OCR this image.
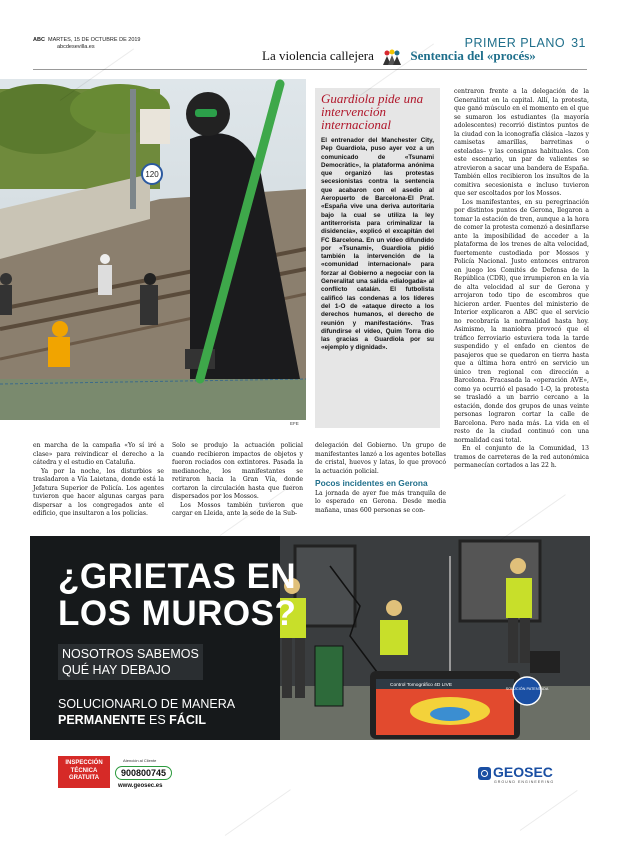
ABC MARTES, 15 DE OCTUBRE DE 2019
abcdesevilla.es	PRIMER PLANO 31
La violencia callejera	Sentencia del «procés»
120
EFE
Guardiola pide una intervención internacional
El entrenador del Manchester City, Pep Guardiola, puso ayer voz a un comunicado de «Tsunami Democràtic», la plataforma anónima que organizó las protestas secesionistas contra la sentencia que acabaron con el asedio al Aeropuerto de Barcelona-El Prat. «España vive una deriva autoritaria bajo la cual se utiliza la ley antiterrorista para criminalizar la disidencia», explicó el excapitán del FC Barcelona. En un vídeo difundido por «Tsunami», Guardiola pidió también la intervención de la «comunidad internacional» para forzar al Gobierno a negociar con la Generalitat una salida «dialogada» al conflicto catalán. El futbolista calificó las condenas a los líderes del 1-O de «ataque directo a los derechos humanos, el derecho de reunión y manifestación». Tras difundirse el vídeo, Quim Torra dio las gracias a Guardiola por su «ejemplo y dignidad».

en marcha de la campaña «Yo sí iré a clase» para reivindicar el derecho a la cátedra y el estudio en Cataluña.

Ya por la noche, los disturbios se trasladaron a Vía Laietana, donde está la Jefatura Superior de Policía. Los agentes tuvieron que hacer algunas cargas para dispersar a los congregados ante el edificio, que insultaron a los policías.

Solo se produjo la actuación policial cuando recibieron impactos de objetos y fueron rociados con extintores. Pasada la medianoche, los manifestantes se retiraron hacia la Gran Vía, donde cortaron la circulación hasta que fueron dispersados por los Mossos.

Los Mossos también tuvieron que cargar en Lleida, ante la sede de la Sub-

delegación del Gobierno. Un grupo de manifestantes lanzó a los agentes botellas de cristal, huevos y latas, lo que provocó la actuación policial.

Pocos incidentes en Gerona

La jornada de ayer fue más tranquila de lo esperado en Gerona. Desde media mañana, unas 600 personas se con-

centraron frente a la delegación de la Generalitat en la capital. Allí, la protesta, que ganó músculo en el momento en el que se sumaron los estudiantes (la mayoría adolescentes) recorrió distintos puntos de la ciudad con la iconografía clásica –lazos y camisetas amarillas, barretinas o esteladas– y las consignas habituales. Con este escenario, un par de valientes se atrevieron a sacar una bandera de España. También ellos recibieron los insultos de la comitiva secesionista e incluso tuvieron que ser escoltados por los Mossos.

Los manifestantes, en su peregrinación por distintos puntos de Gerona, llegaron a tomar la estación de tren, aunque a la hora de comer la protesta comenzó a desinflarse ante la imposibilidad de acceder a la plataforma de los trenes de alta velocidad, fuertemente custodiada por Mossos y Policía Nacional. Justo entonces entraron en juego los Comités de Defensa de la República (CDR), que irrumpieron en la vía de alta velocidad al sur de Gerona y arrojaron todo tipo de escombros que hicieron arder. Fuentes del ministerio de Interior explicaron a ABC que el servicio no recobraría la normalidad hasta hoy. Asimismo, la maniobra provocó que el tráfico ferroviario estuviera toda la tarde suspendido y el enfado en cientos de pasajeros que se quedaron en tierra hasta que a última hora entró en servicio un único tren regional con dirección a Barcelona. Fracasada la «operación AVE», como ya ocurrió el pasado 1-O, la protesta se trasladó a un barrio cercano a la estación, donde dos grupos de unas veinte personas lograron cortar la calle de Barcelona. Pero nada más. La vida en el resto de la ciudad continuó con una normalidad casi total.

En el conjunto de la Comunidad, 13 tramos de carreteras de la red autonómica permanecían cortados a las 22 h.

Control Tomográfico 4D LIVE
SOLUCIÓN PATENTADA
¿GRIETAS EN
LOS MUROS?
NOSOTROS SABEMOS
QUÉ HAY DEBAJO
SOLUCIONARLO DE MANERA
PERMANENTE ES FÁCIL
INSPECCIÓN TÉCNICA GRATUITA
Atención al Cliente
900800745
www.geosec.es
GEOSEC
GROUND ENGINEERING
